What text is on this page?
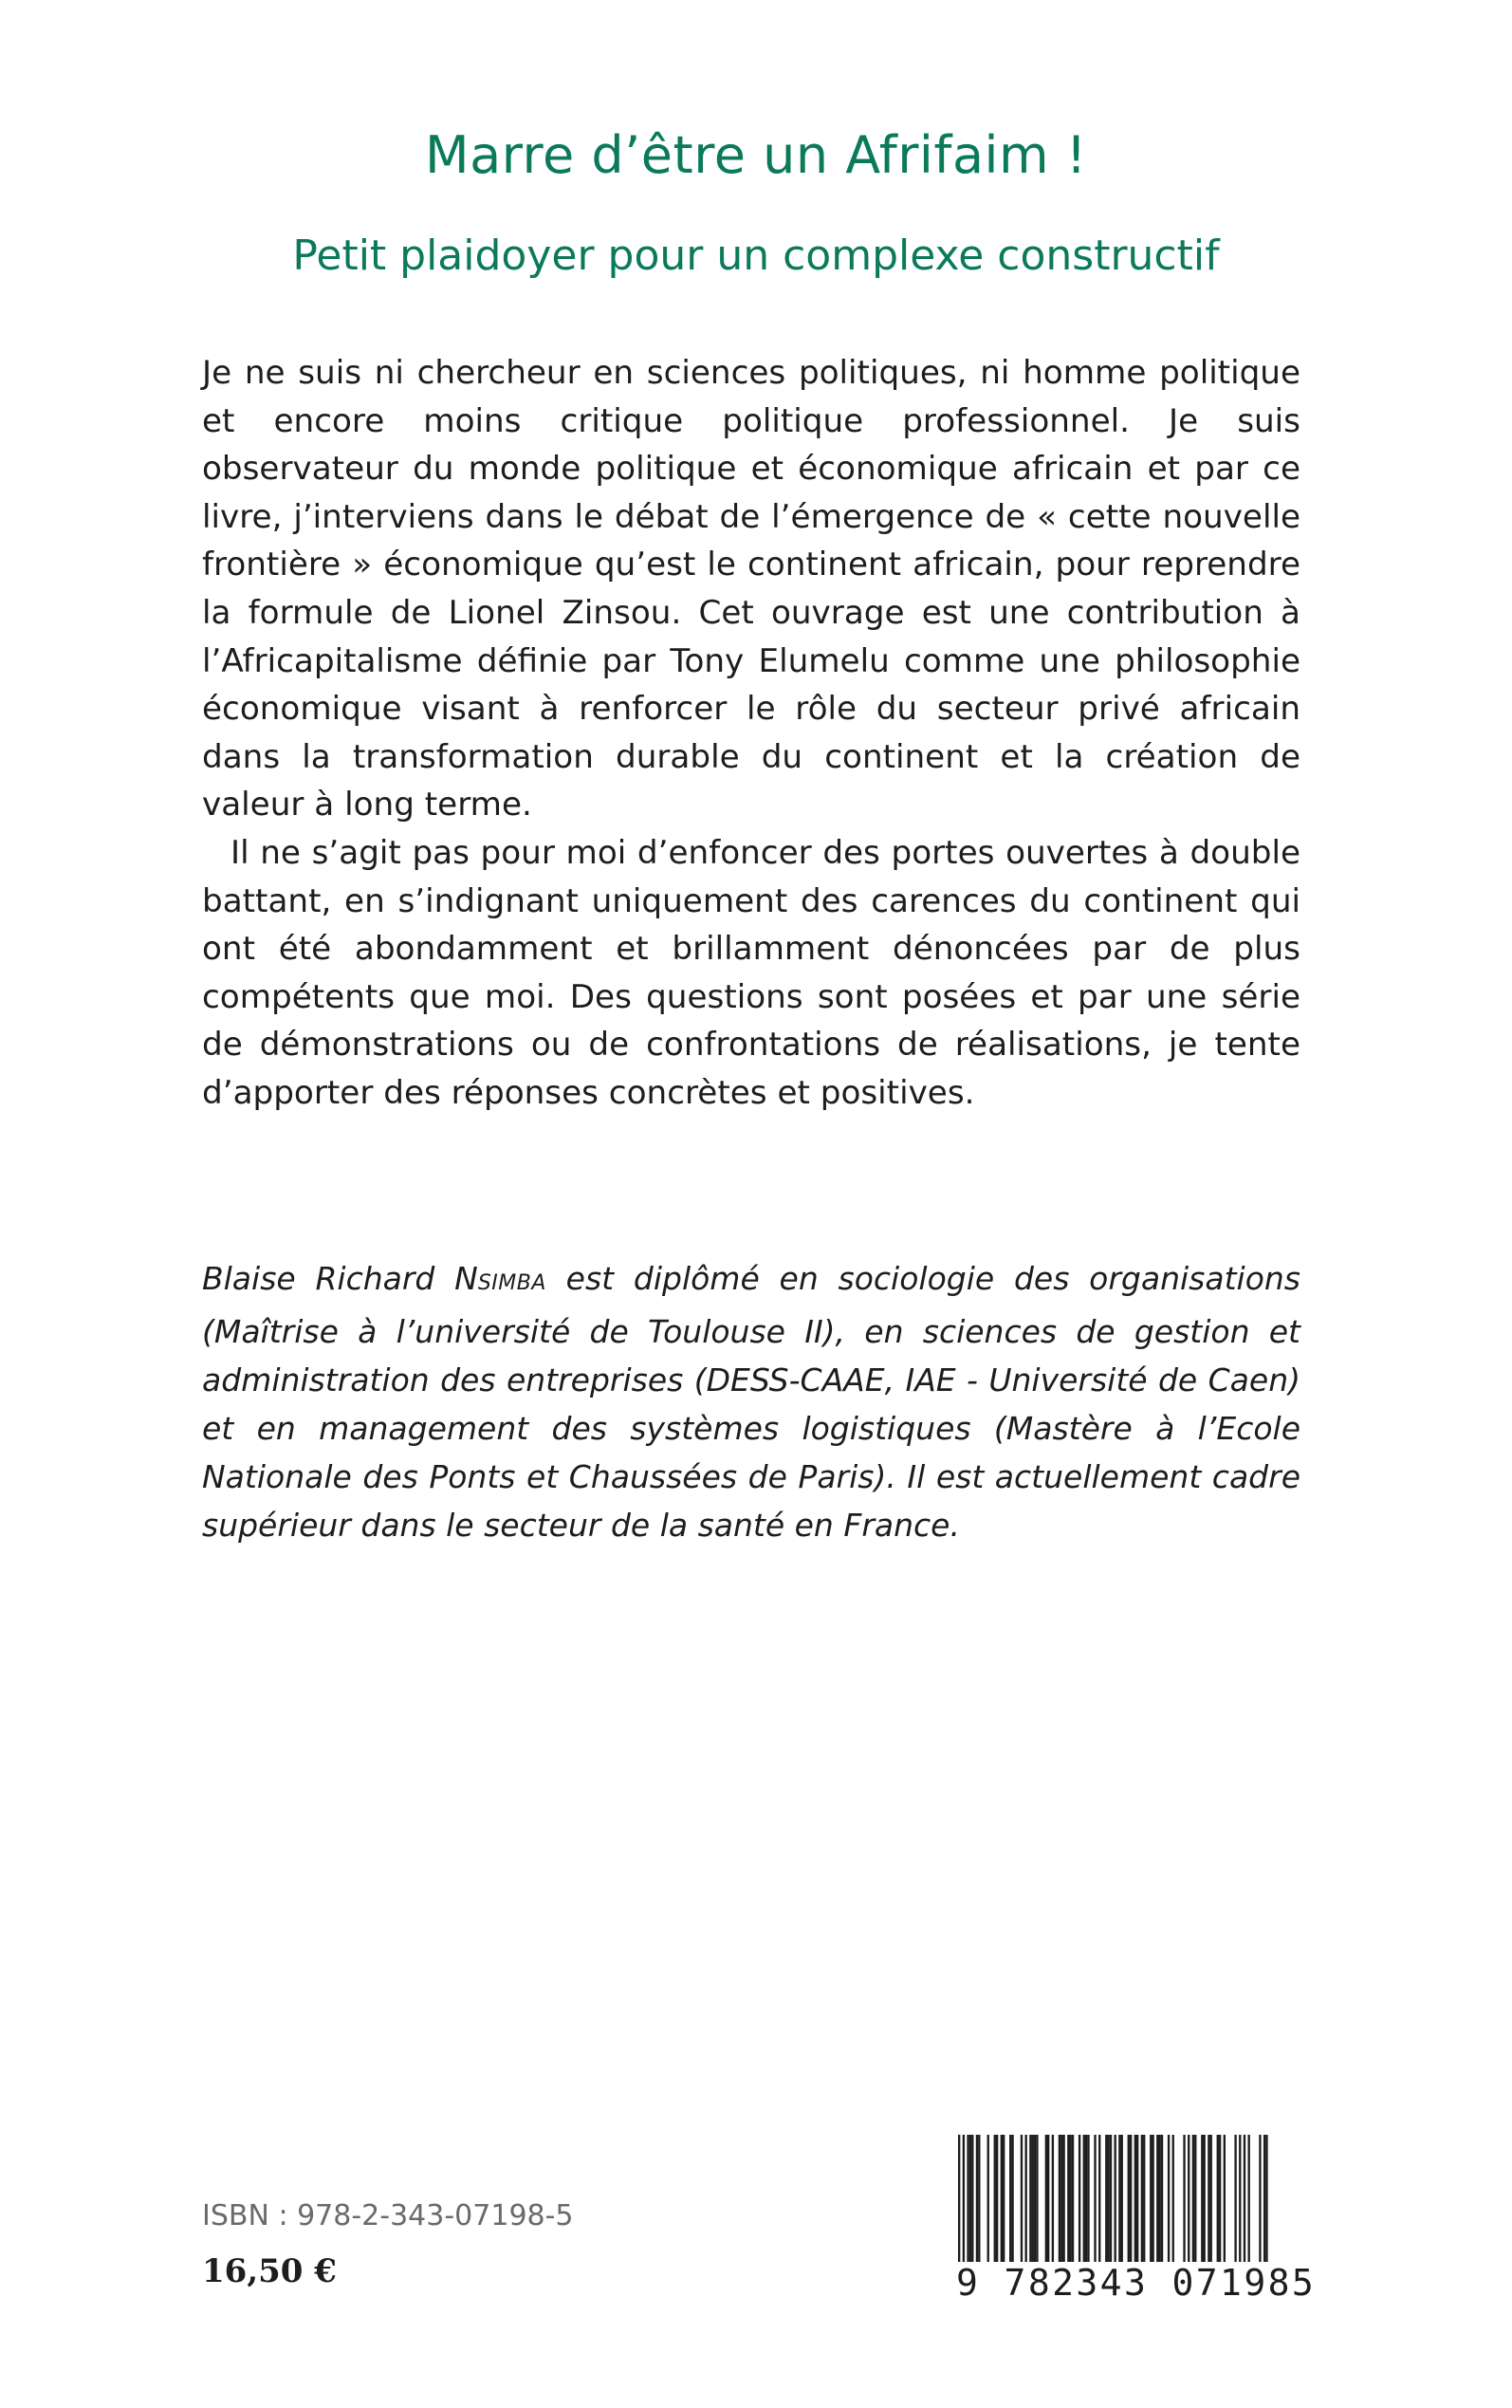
Marre d’être un Afrifaim !
Petit plaidoyer pour un complexe constructif

Je ne suis ni chercheur en sciences politiques, ni homme politique et encore moins critique politique professionnel. Je suis observateur du monde politique et économique africain et par ce livre, j’interviens dans le débat de l’émergence de « cette nouvelle frontière » économique qu’est le continent africain, pour reprendre la formule de Lionel Zinsou. Cet ouvrage est une contribution à l’Africapitalisme définie par Tony Elumelu comme une philosophie économique visant à renforcer le rôle du secteur privé africain dans la transformation durable du continent et la création de valeur à long terme.

Il ne s’agit pas pour moi d’enfoncer des portes ouvertes à double battant, en s’indignant uniquement des carences du continent qui ont été abondamment et brillamment dénoncées par de plus compétents que moi. Des questions sont posées et par une série de démonstrations ou de confrontations de réalisations, je tente d’apporter des réponses concrètes et positives.

Blaise Richard NSIMBA est diplômé en sociologie des organisations (Maîtrise à l’université de Toulouse II), en sciences de gestion et administration des entreprises (DESS-CAAE, IAE - Université de Caen) et en management des systèmes logistiques (Mastère à l’Ecole Nationale des Ponts et Chaussées de Paris). Il est actuellement cadre supérieur dans le secteur de la santé en France.

ISBN : 978-2-343-07198-5
16,50 €	9 782343 071985
